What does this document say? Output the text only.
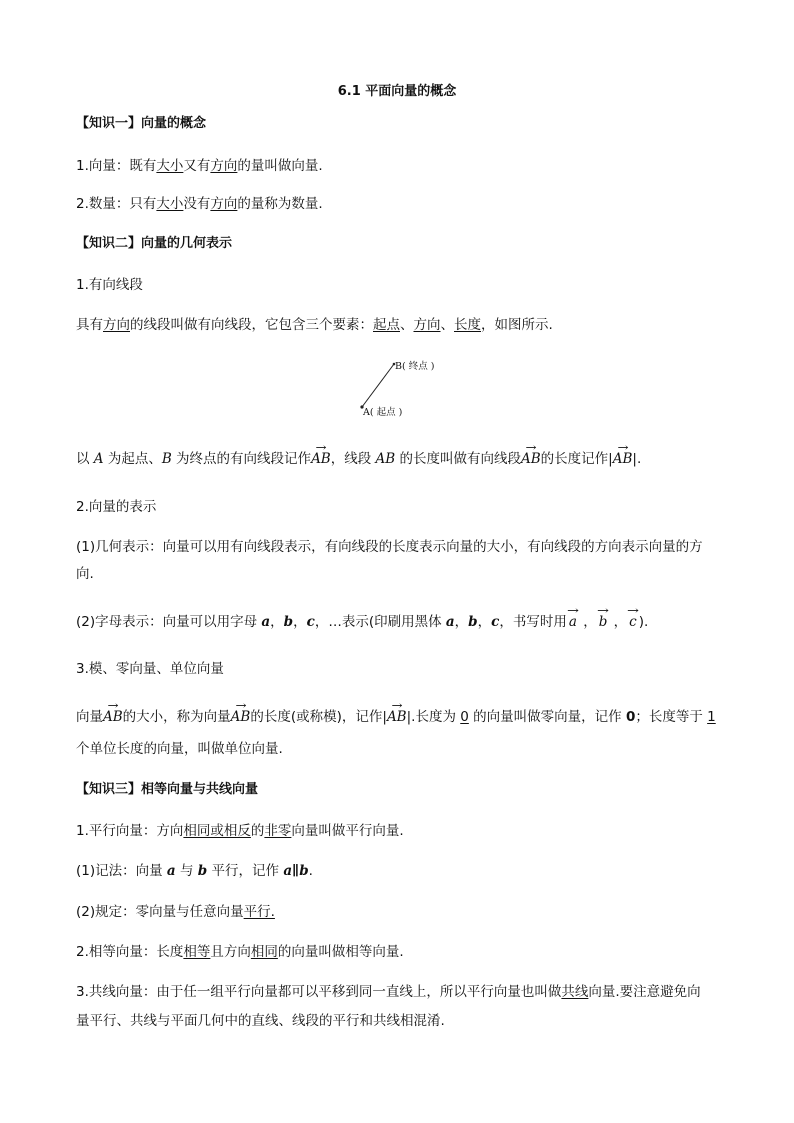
6.1 平面向量的概念
【知识一】向量的概念
1.向量：既有大小又有方向的量叫做向量.
2.数量：只有大小没有方向的量称为数量.
【知识二】向量的几何表示
1.有向线段
具有方向的线段叫做有向线段，它包含三个要素：起点、方向、长度，如图所示.
B( 终点 )
A( 起点 )
以 A 为起点、B 为终点的有向线段记作→ AB，线段 AB 的长度叫做有向线段→ AB的长度记作|→ AB|.
2.向量的表示
(1)几何表示：向量可以用有向线段表示，有向线段的长度表示向量的大小，有向线段的方向表示向量的方
向.
(2)字母表示：向量可以用字母 a，b，c，…表示(印刷用黑体 a，b，c，书写时用 → a ， → b ， → c ).
3.模、零向量、单位向量
向量→ AB的大小，称为向量→ AB的长度(或称模)，记作|→ AB|.长度为 0 的向量叫做零向量，记作 0；长度等于 1
个单位长度的向量，叫做单位向量.
【知识三】相等向量与共线向量
1.平行向量：方向相同或相反的非零向量叫做平行向量.
(1)记法：向量 a 与 b 平行，记作 a∥b.
(2)规定：零向量与任意向量平行.
2.相等向量：长度相等且方向相同的向量叫做相等向量.
3.共线向量：由于任一组平行向量都可以平移到同一直线上，所以平行向量也叫做共线向量.要注意避免向
量平行、共线与平面几何中的直线、线段的平行和共线相混淆.
